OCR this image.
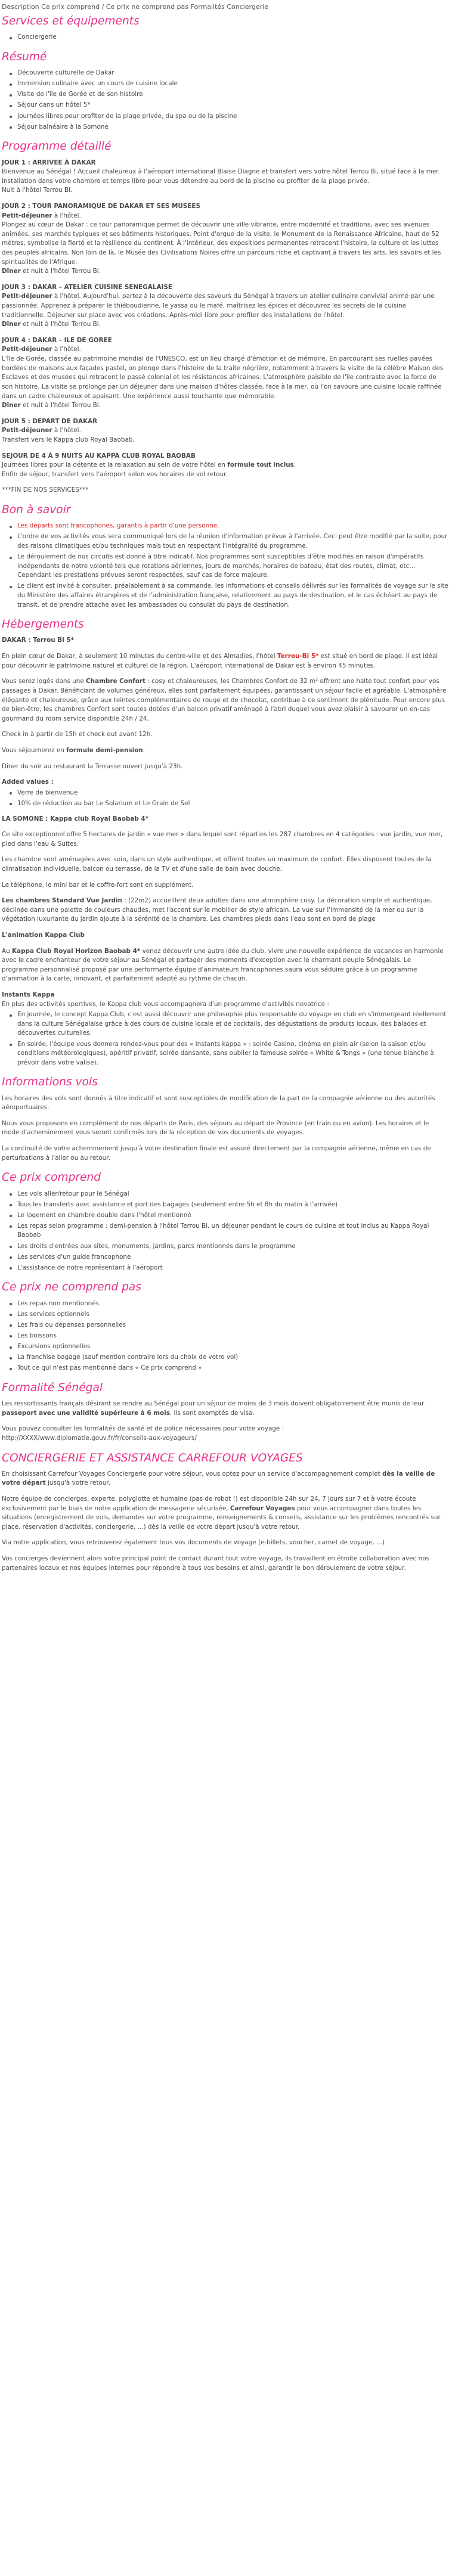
Description Ce prix comprend / Ce prix ne comprend pas Formalités Conciergerie
Services et équipements
Conciergerie
Résumé
Découverte culturelle de Dakar
Immersion culinaire avec un cours de cuisine locale
Visite de l'île de Gorée et de son histoire
Séjour dans un hôtel 5*
Journées libres pour profiter de la plage privée, du spa ou de la piscine
Séjour balnéaire à la Somone
Programme détaillé
JOUR 1 : ARRIVEE À DAKAR
Bienvenue au Sénégal ! Accueil chaleureux à l'aéroport international Blaise Diagne et transfert vers votre hôtel Terrou Bi, situé face à la mer. Installation dans votre chambre et temps libre pour vous détendre au bord de la piscine ou profiter de la plage privée.

Nuit à l'hôtel Terrou Bi.

JOUR 2 : TOUR PANORAMIQUE DE DAKAR ET SES MUSEES
Petit-déjeuner à l'hôtel.
Plongez au cœur de Dakar : ce tour panoramique permet de découvrir une ville vibrante, entre modernité et traditions, avec ses avenues animées, ses marchés typiques et ses bâtiments historiques. Point d'orgue de la visite, le Monument de la Renaissance Africaine, haut de 52 mètres, symbolise la fierté et la résilience du continent. À l'intérieur, des expositions permanentes retracent l'histoire, la culture et les luttes des peuples africains. Non loin de là, le Musée des Civilisations Noires offre un parcours riche et captivant à travers les arts, les savoirs et les spiritualités de l'Afrique.

Dîner et nuit à l'hôtel Terrou Bi.

JOUR 3 : DAKAR – ATELIER CUISINE SENEGALAISE
Petit-déjeuner à l'hôtel. Aujourd'hui, partez à la découverte des saveurs du Sénégal à travers un atelier culinaire convivial animé par une passionnée. Apprenez à préparer le thiéboudienne, le yassa ou le mafé, maîtrisez les épices et découvrez les secrets de la cuisine traditionnelle. Déjeuner sur place avec vos créations. Après-midi libre pour profiter des installations de l'hôtel.

Dîner et nuit à l'hôtel Terrou Bi.

JOUR 4 : DAKAR – ILE DE GOREE
Petit-déjeuner à l'hôtel.
L'île de Gorée, classée au patrimoine mondial de l'UNESCO, est un lieu chargé d'émotion et de mémoire. En parcourant ses ruelles pavées bordées de maisons aux façades pastel, on plonge dans l'histoire de la traite négrière, notamment à travers la visite de la célèbre Maison des Esclaves et des musées qui retracent le passé colonial et les résistances africaines. L'atmosphère paisible de l'île contraste avec la force de son histoire. La visite se prolonge par un déjeuner dans une maison d'hôtes classée, face à la mer, où l'on savoure une cuisine locale raffinée dans un cadre chaleureux et apaisant. Une expérience aussi touchante que mémorable.

Dîner et nuit à l'hôtel Terrou Bi.

JOUR 5 : DEPART DE DAKAR
Petit-déjeuner à l'hôtel.

Transfert vers le Kappa club Royal Baobab.

SEJOUR DE 4 À 9 NUITS AU KAPPA CLUB ROYAL BAOBAB
Journées libres pour la détente et la relaxation au sein de votre hôtel en formule tout inclus.

Enfin de séjour, transfert vers l'aéroport selon vos horaires de vol retour.

***FIN DE NOS SERVICES***

Bon à savoir
Les départs sont francophones, garantis à partir d'une personne.
L'ordre de vos activités vous sera communiqué lors de la réunion d'information prévue à l'arrivée. Ceci peut être modifié par la suite, pour des raisons climatiques et/ou techniques mais tout en respectant l'intégralité du programme.
Le déroulement de nos circuits est donné à titre indicatif. Nos programmes sont susceptibles d'être modifiés en raison d'impératifs indépendants de notre volonté tels que rotations aériennes, jours de marchés, horaires de bateau, état des routes, climat, etc… Cependant les prestations prévues seront respectées, sauf cas de force majeure.
Le client est invité à consulter, préalablement à sa commande, les informations et conseils délivrés sur les formalités de voyage sur le site du Ministère des affaires étrangères et de l'administration française, relativement au pays de destination, et le cas échéant au pays de transit, et de prendre attache avec les ambassades ou consulat du pays de destination.
Hébergements

DAKAR : Terrou Bi 5*

En plein cœur de Dakar, à seulement 10 minutes du centre-ville et des Almadies, l'hôtel Terrou-Bi 5* est situé en bord de plage. Il est idéal pour découvrir le patrimoine naturel et culturel de la région. L'aéroport international de Dakar est à environ 45 minutes.

Vous serez logés dans une Chambre Confort : cosy et chaleureuses, les Chambres Confort de 32 m² offrent une halte tout confort pour vos passages à Dakar. Bénéficiant de volumes généreux, elles sont parfaitement équipées, garantissant un séjour facile et agréable. L'atmosphère élégante et chaleureuse, grâce aux teintes complémentaires de rouge et de chocolat, contribue à ce sentiment de plénitude. Pour encore plus de bien-être, les chambres Confort sont toutes dotées d'un balcon privatif aménagé à l'abri duquel vous avez plaisir à savourer un en-cas gourmand du room service disponible 24h / 24.

Check in à partir de 15h et check out avant 12h.

Vous séjournerez en formule demi-pension.

Dîner du soir au restaurant la Terrasse ouvert jusqu'à 23h.

Added values :
Verre de bienvenue
10% de réduction au bar Le Solarium et Le Grain de Sel

LA SOMONE : Kappa club Royal Baobab 4*

Ce site exceptionnel offre 5 hectares de jardin « vue mer » dans lequel sont réparties les 287 chambres en 4 catégories : vue jardin, vue mer, pied dans l'eau & Suites.

Les chambre sont aménagées avec soin, dans un style authentique, et offrent toutes un maximum de confort. Elles disposent toutes de la climatisation individuelle, balcon ou terrasse, de la TV et d'une salle de bain avec douche.

Le téléphone, le mini bar et le coffre-fort sont en supplément.

Les chambres Standard Vue Jardin : (22m2) accueillent deux adultes dans une atmosphère cosy. La décoration simple et authentique, déclinée dans une palette de couleurs chaudes, met l'accent sur le mobilier de style africain. La vue sur l'immensité de la mer ou sur la végétation luxuriante du jardin ajoute à la sérénité de la chambre. Les chambres pieds dans l'eau sont en bord de plage

L'animation Kappa Club

Au Kappa Club Royal Horizon Baobab 4* venez découvrir une autre idée du club, vivre une nouvelle expérience de vacances en harmonie avec le cadre enchanteur de votre séjour au Sénégal et partager des moments d'exception avec le charmant peuple Sénégalais. Le programme personnalisé proposé par une performante équipe d'animateurs francophones saura vous séduire grâce à un programme d'animation à la carte, innovant, et parfaitement adapté au rythme de chacun.

Instants Kappa
En plus des activités sportives, le Kappa club vous accompagnera d'un programme d'activités novatrice :
En journée, le concept Kappa Club, c'est aussi découvrir une philosophie plus responsable du voyage en club en s'immergeant réellement dans la culture Sénégalaise grâce à des cours de cuisine locale et de cocktails, des dégustations de produits locaux, des balades et découvertes culturelles.
En soirée, l'équipe vous donnera rendez-vous pour des « Instants kappa » : soirée Casino, cinéma en plein air (selon la saison et/ou conditions météorologiques), apéritif privatif, soirée dansante, sans oublier la fameuse soirée « White & Tongs » (une tenue blanche à prévoir dans votre valise).
Informations vols

Les horaires des vols sont donnés à titre indicatif et sont susceptibles de modification de la part de la compagnie aérienne ou des autorités aéroportuaires.

Nous vous proposons en complément de nos départs de Paris, des séjours au départ de Province (en train ou en avion). Les horaires et le mode d'acheminement vous seront confirmés lors de la réception de vos documents de voyages.

La continuité de votre acheminement jusqu'à votre destination finale est assuré directement par la compagnie aérienne, même en cas de perturbations à l'aller ou au retour.

Ce prix comprend
Les vols aller/retour pour le Sénégal
Tous les transferts avec assistance et port des bagages (seulement entre 5h et 8h du matin à l'arrivée)
Le logement en chambre double dans l'hôtel mentionné
Les repas selon programme : demi-pension à l'hôtel Terrou Bi, un déjeuner pendant le cours de cuisine et tout inclus au Kappa Royal Baobab
Les droits d'entrées aux sites, monuments, jardins, parcs mentionnés dans le programme
Les services d'un guide francophone
L'assistance de notre représentant à l'aéroport
Ce prix ne comprend pas
Les repas non mentionnés
Les services optionnels
Les frais ou dépenses personnelles
Les boissons
Excursions optionnelles
La franchise bagage (sauf mention contraire lors du choix de votre vol)
Tout ce qui n'est pas mentionné dans « Ce prix comprend »
Formalité Sénégal

Les ressortissants français désirant se rendre au Sénégal pour un séjour de moins de 3 mois doivent obligatoirement être munis de leur passeport avec une validité supérieure à 6 mois. Ils sont exemptés de visa.

Vous pouvez consulter les formalités de santé et de police nécessaires pour votre voyage :

http://XXXX/www.diplomatie.gouv.fr/fr/conseils-aux-voyageurs/

CONCIERGERIE ET ASSISTANCE CARREFOUR VOYAGES

En choisissant Carrefour Voyages Conciergerie pour votre séjour, vous optez pour un service d'accompagnement complet dès la veille de votre départ jusqu'à votre retour.

Notre équipe de concierges, experte, polyglotte et humaine (pas de robot !) est disponible 24h sur 24, 7 jours sur 7 et à votre écoute exclusivement par le biais de notre application de messagerie sécurisée, Carrefour Voyages pour vous accompagner dans toutes les situations (enregistrement de vols, demandes sur votre programme, renseignements & conseils, assistance sur les problèmes rencontrés sur place, réservation d'activités, conciergerie, ...) dès la veille de votre départ jusqu'à votre retour.

Via notre application, vous retrouverez également tous vos documents de voyage (e-billets, voucher, carnet de voyage, ...)

Vos concierges deviennent alors votre principal point de contact durant tout votre voyage, ils travaillent en étroite collaboration avec nos partenaires locaux et nos équipes internes pour répondre à tous vos besoins et ainsi, garantir le bon déroulement de votre séjour.
